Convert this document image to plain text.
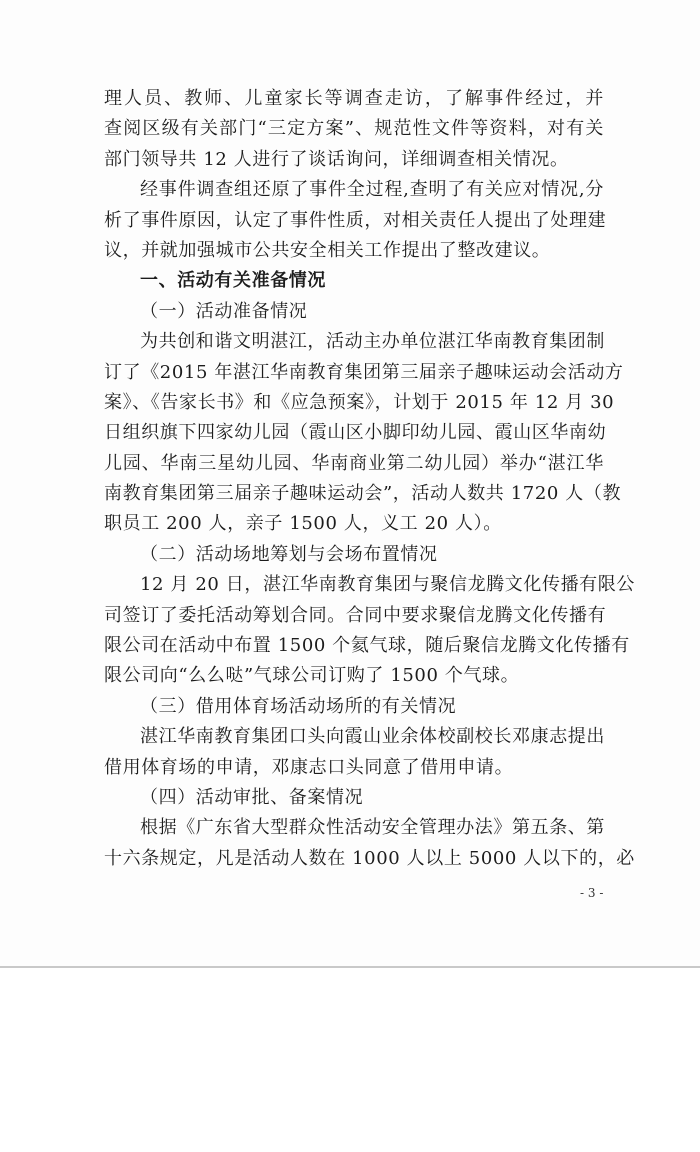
理人员、教师、儿童家长等调查走访，了解事件经过，并
查阅区级有关部门“三定方案”、规范性文件等资料，对有关
部门领导共 12 人进行了谈话询问，详细调查相关情况。
经事件调查组还原了事件全过程,查明了有关应对情况,分
析了事件原因，认定了事件性质，对相关责任人提出了处理建
议，并就加强城市公共安全相关工作提出了整改建议。
一、活动有关准备情况
（一）活动准备情况
为共创和谐文明湛江，活动主办单位湛江华南教育集团制
订了《2015 年湛江华南教育集团第三届亲子趣味运动会活动方
案》、《告家长书》和《应急预案》，计划于 2015 年 12 月 30
日组织旗下四家幼儿园（霞山区小脚印幼儿园、霞山区华南幼
儿园、华南三星幼儿园、华南商业第二幼儿园）举办“湛江华
南教育集团第三届亲子趣味运动会”，活动人数共 1720 人（教
职员工 200 人，亲子 1500 人，义工 20 人）。
（二）活动场地筹划与会场布置情况
12 月 20 日，湛江华南教育集团与聚信龙腾文化传播有限公
司签订了委托活动筹划合同。合同中要求聚信龙腾文化传播有
限公司在活动中布置 1500 个氦气球，随后聚信龙腾文化传播有
限公司向“么么哒”气球公司订购了 1500 个气球。
（三）借用体育场活动场所的有关情况
湛江华南教育集团口头向霞山业余体校副校长邓康志提出
借用体育场的申请，邓康志口头同意了借用申请。
（四）活动审批、备案情况
根据《广东省大型群众性活动安全管理办法》第五条、第
十六条规定，凡是活动人数在 1000 人以上 5000 人以下的，必
- 3 -
